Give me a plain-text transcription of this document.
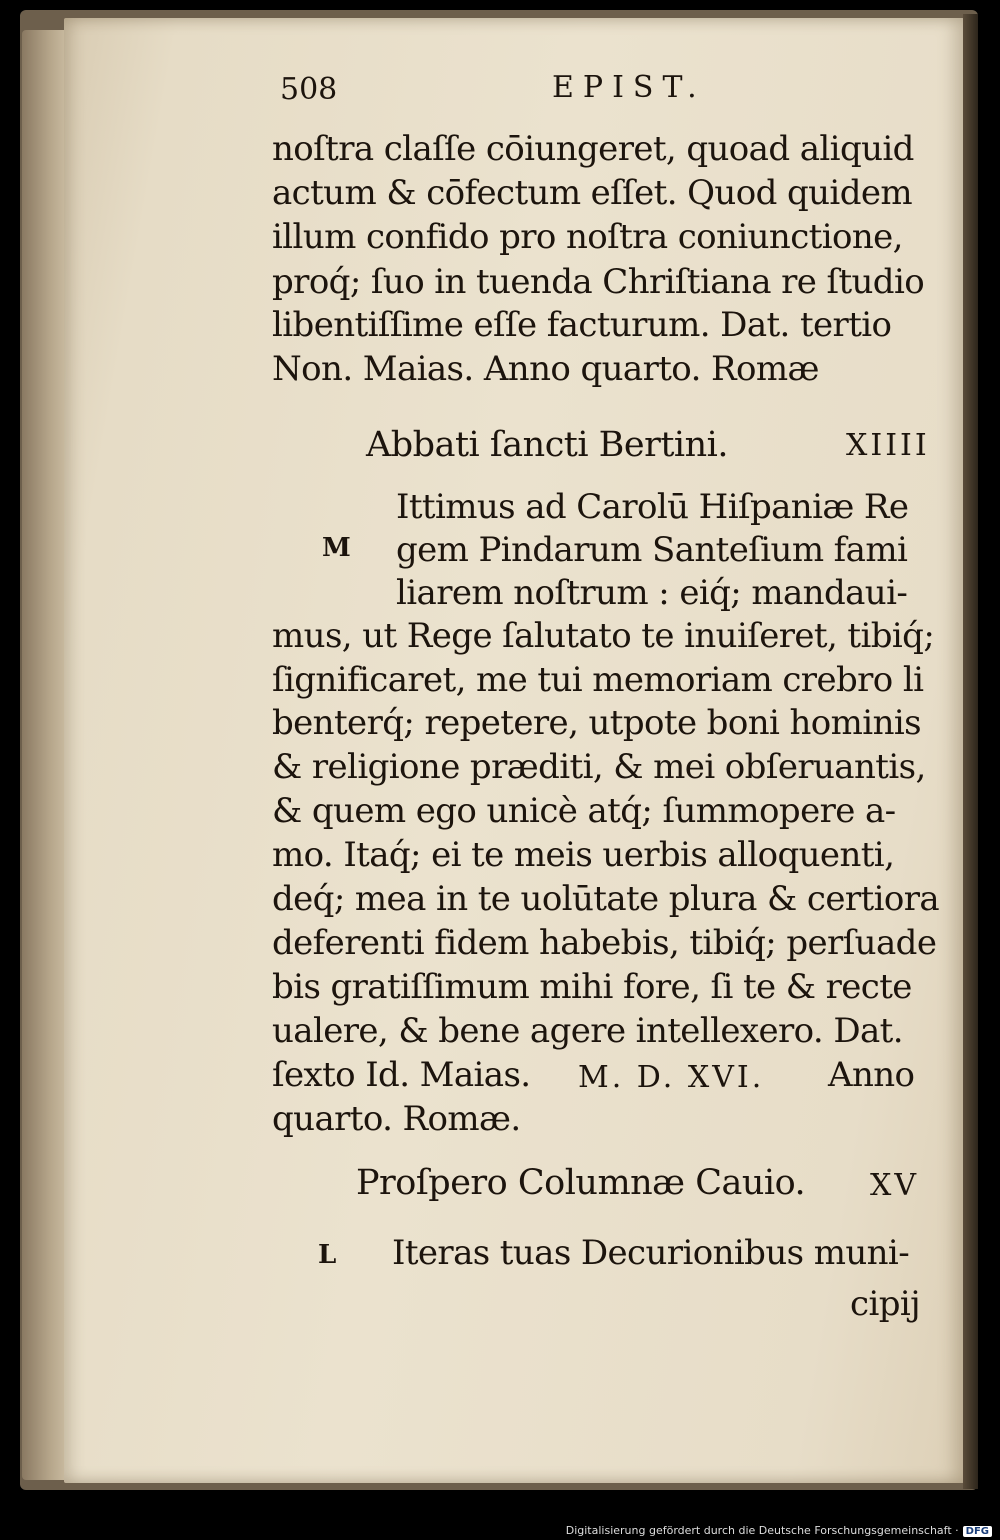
508	EPIST.
noſtra claſſe cōiungeret, quoad aliquid
actum & cōfectum eſſet. Quod quidem
illum confido pro noſtra coniunctione,
proq́; ſuo in tuenda Chriſtiana re ſtudio
libentiſſime eſſe facturum. Dat. tertio
Non. Maias. Anno quarto. Romæ
Abbati ſancti Bertini.	XIIII
M
Ittimus ad Carolū Hiſpaniæ Re
gem Pindarum Santeſium fami
liarem noſtrum : eiq́; mandaui-
mus, ut Rege ſalutato te inuiſeret, tibiq́;
ſignificaret, me tui memoriam crebro li
benterq́; repetere, utpote boni hominis
& religione præditi, & mei obſeruantis,
& quem ego unicè atq́; ſummopere a-
mo. Itaq́; ei te meis uerbis alloquenti,
deq́; mea in te uolūtate plura & certiora
deferenti fidem habebis, tibiq́; perſuade
bis gratiſſimum mihi fore, ſi te & recte
ualere, & bene agere intellexero. Dat.
ſexto Id. Maias. M. D. XVI. Anno
quarto. Romæ.
Proſpero Columnæ Cauio. XV
L Iteras tuas Decurionibus muni-
cipij
Digitalisierung gefördert durch die Deutsche Forschungsgemeinschaft · DFG
